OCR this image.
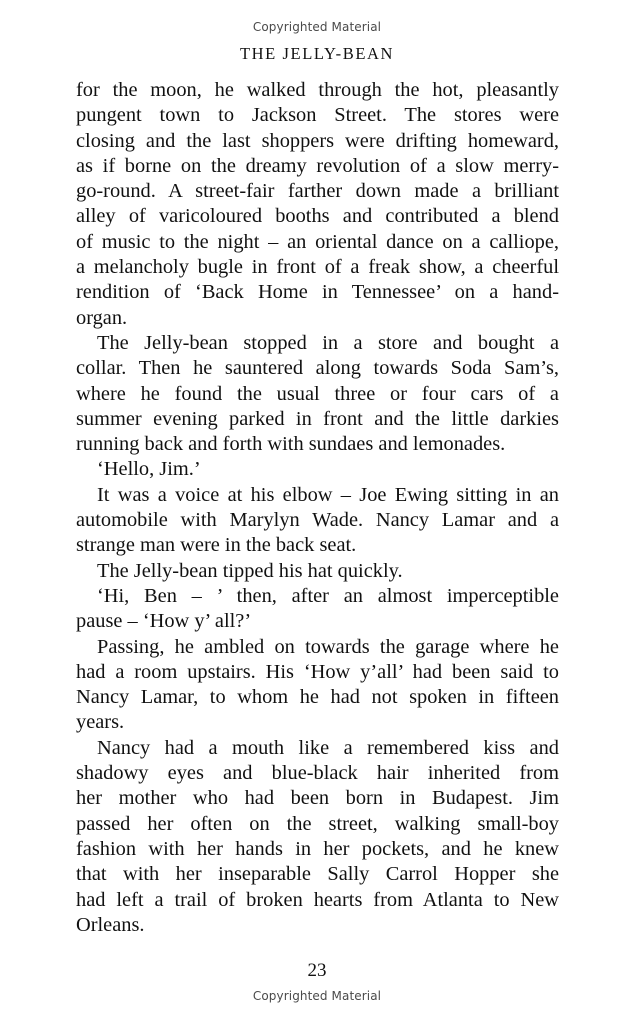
Copyrighted Material
THE JELLY-BEAN

for the moon, he walked through the hot, pleasantly
pungent town to Jackson Street. The stores were
closing and the last shoppers were drifting homeward,
as if borne on the dreamy revolution of a slow merry-
go-round. A street-fair farther down made a brilliant
alley of varicoloured booths and contributed a blend
of music to the night – an oriental dance on a calliope,
a melancholy bugle in front of a freak show, a cheerful
rendition of ‘Back Home in Tennessee’ on a hand-
organ.

The Jelly-bean stopped in a store and bought a
collar. Then he sauntered along towards Soda Sam’s,
where he found the usual three or four cars of a
summer evening parked in front and the little darkies
running back and forth with sundaes and lemonades.

‘Hello, Jim.’

It was a voice at his elbow – Joe Ewing sitting in an
automobile with Marylyn Wade. Nancy Lamar and a
strange man were in the back seat.

The Jelly-bean tipped his hat quickly.

‘Hi, Ben – ’ then, after an almost imperceptible
pause – ‘How y’ all?’

Passing, he ambled on towards the garage where he
had a room upstairs. His ‘How y’all’ had been said to
Nancy Lamar, to whom he had not spoken in fifteen
years.

Nancy had a mouth like a remembered kiss and
shadowy eyes and blue-black hair inherited from
her mother who had been born in Budapest. Jim
passed her often on the street, walking small-boy
fashion with her hands in her pockets, and he knew
that with her inseparable Sally Carrol Hopper she
had left a trail of broken hearts from Atlanta to New
Orleans.

23
Copyrighted Material
